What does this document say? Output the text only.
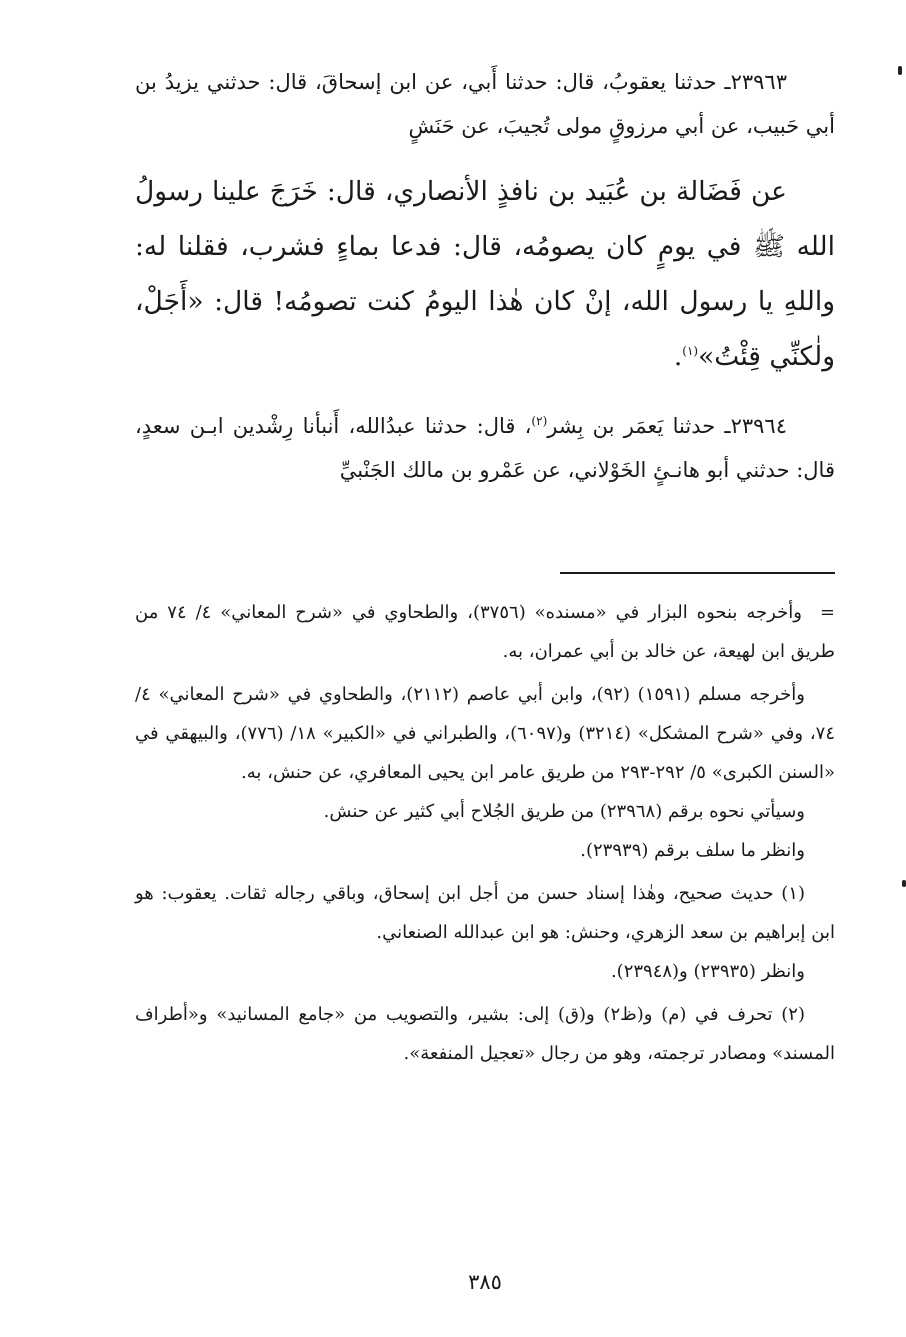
٢٣٩٦٣ـ حدثنا يعقوبُ، قال: حدثنا أَبي، عن ابن إسحاقَ، قال: حدثني يزيدُ بن أبي حَبيب، عن أبي مرزوقٍ مولى تُجيبَ، عن حَنَشٍ

عن فَضَالة بن عُبَيد بن نافذٍ الأنصاري، قال: خَرَجَ علينا رسولُ الله ﷺ في يومٍ كان يصومُه، قال: فدعا بماءٍ فشرب، فقلنا له: واللهِ يا رسول الله، إنْ كان هٰذا اليومُ كنت تصومُه! قال: «أَجَلْ، ولٰكنِّي قِئْتُ»$^{(١)}$.

٢٣٩٦٤ـ حدثنا يَعمَر بن بِشر$^{(٢)}$، قال: حدثنا عبدُالله، أَنبأنا رِشْدين ابـن سعدٍ، قال: حدثني أبو هانـئٍ الخَوْلاني، عن عَمْرو بن مالك الجَنْبيِّ

=وأخرجه بنحوه البزار في «مسنده» (٣٧٥٦)، والطحاوي في «شرح المعاني» ٤/ ٧٤ من طريق ابن لهيعة، عن خالد بن أبي عمران، به.

وأخرجه مسلم (١٥٩١) (٩٢)، وابن أبي عاصم (٢١١٢)، والطحاوي في «شرح المعاني» ٤/ ٧٤، وفي «شرح المشكل» (٣٢١٤) و(٦٠٩٧)، والطبراني في «الكبير» ١٨/ (٧٧٦)، والبيهقي في «السنن الكبرى» ٥/ ٢٩٢-٢٩٣ من طريق عامر ابن يحيى المعافري، عن حنش، به.

وسيأتي نحوه برقم (٢٣٩٦٨) من طريق الجُلاح أبي كثير عن حنش.

وانظر ما سلف برقم (٢٣٩٣٩).

(١) حديث صحيح، وهٰذا إسناد حسن من أجل ابن إسحاق، وباقي رجاله ثقات. يعقوب: هو ابن إبراهيم بن سعد الزهري، وحنش: هو ابن عبدالله الصنعاني.

وانظر (٢٣٩٣٥) و(٢٣٩٤٨).

(٢) تحرف في (م) و(ظ٢) و(ق) إلى: بشير، والتصويب من «جامع المسانيد» و«أطراف المسند» ومصادر ترجمته، وهو من رجال «تعجيل المنفعة».

٣٨٥
